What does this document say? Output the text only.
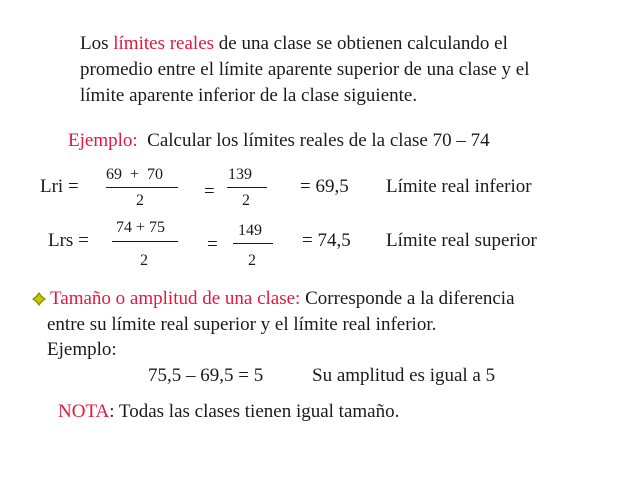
Los límites reales de una clase se obtienen calculando el
promedio entre el límite aparente superior de una clase y el
límite aparente inferior de la clase siguiente.
Ejemplo: Calcular los límites reales de la clase 70 – 74
Lri =
69 + 70
2	=
139
2
= 69,5 Límite real inferior
Lrs =
74 + 75
2
=
149
2
= 74,5 Límite real superior
Tamaño o amplitud de una clase: Corresponde a la diferencia
entre su límite real superior y el límite real inferior.
Ejemplo:
75,5 – 69,5 = 5	Su amplitud es igual a 5
NOTA: Todas las clases tienen igual tamaño.
